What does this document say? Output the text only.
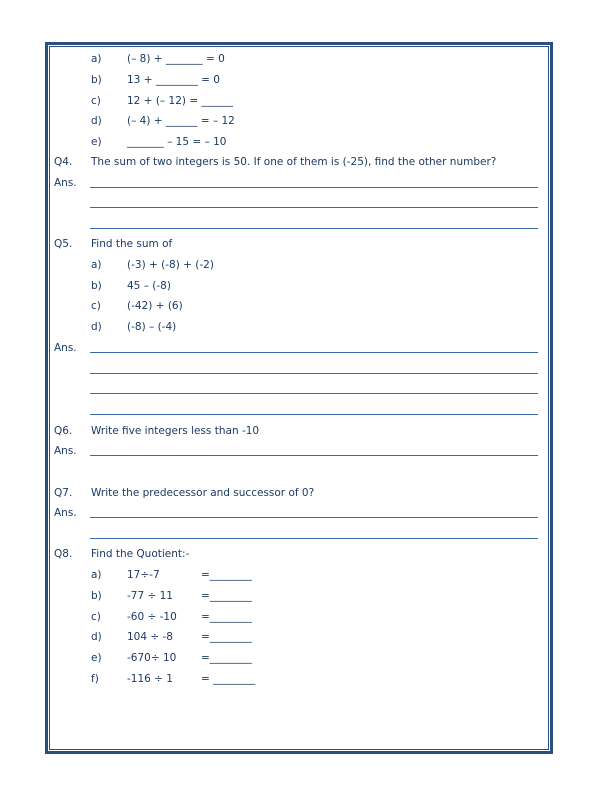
a) (– 8) + _______ = 0
b) 13 + ________ = 0
c) 12 + (– 12) = ______
d) (– 4) + ______ = – 12
e) _______ – 15 = – 10
Q4. The sum of two integers is 50. If one of them is (-25), find the other number?
Ans.
Q5. Find the sum of
a) (-3) + (-8) + (-2)
b) 45 – (-8)
c) (-42) + (6)
d) (-8) – (-4)
Ans.
Q6. Write five integers less than -10
Ans.
Q7. Write the predecessor and successor of 0?
Ans.
Q8. Find the Quotient:-
a) 17÷-7	=________
b) -77 ÷ 11	=________
c) -60 ÷ -10 =________
d) 104 ÷ -8	=________
e) -670÷ 10 =________
f)	-116 ÷ 1	= ________
